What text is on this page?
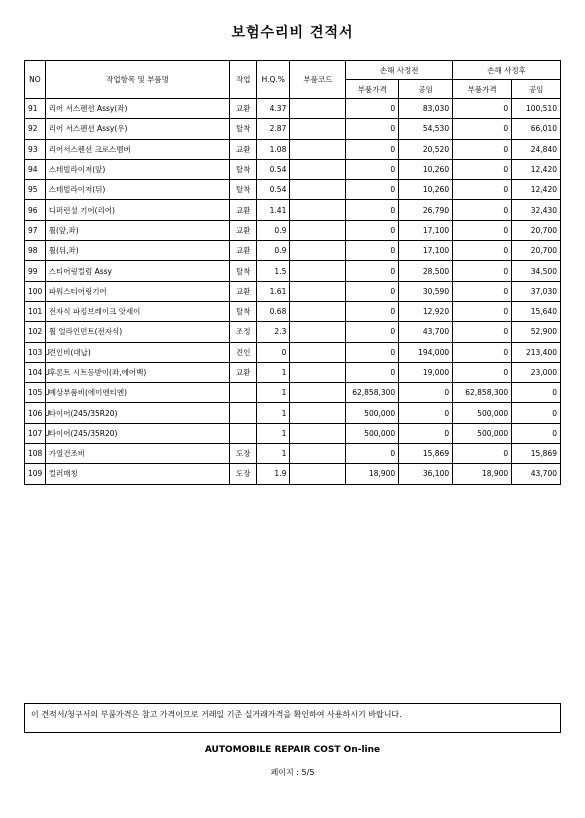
보험수리비 견적서
NO	작업항목 및 부품명	작업	H.Q.%	부품코드	손해 사정전		손해 사정후	
					부품가격	공임	부품가격	공임
91	리어 서스펜션 Assy(좌)	교환	4.37		0	83,030	0	100,510
92	리어 서스펜션 Assy(우)	탈착	2.87		0	54,530	0	66,010
93	리어서스펜션 크로스멤버	교환	1.08		0	20,520	0	24,840
94	스테빌라이저(앞)	탈착	0.54		0	10,260	0	12,420
95	스테빌라이저(뒤)	탈착	0.54		0	10,260	0	12,420
96	디퍼런셜 기어(리어)	교환	1.41		0	26,790	0	32,430
97	휠(앞,좌)	교환	0.9		0	17,100	0	20,700
98	휠(뒤,좌)	교환	0.9		0	17,100	0	20,700
99	스티어링컬럼 Assy	탈착	1.5		0	28,500	0	34,500
100	파워스티어링기어	교환	1.61		0	30,590	0	37,030
101	전자식 파킹브레이크 앗세이	탈착	0.68		0	12,920	0	15,640
102	휠 얼라인먼트(전자식)	조정	2.3		0	43,700	0	52,900
103 U	견인비(대납)	견인	0		0	194,000	0	213,400
104 U	후론트 시트등받이(좌,에어백)	교환	1		0	19,000	0	23,000
105 U	예상부품비(에이엔티엔)		1		62,858,300	0	62,858,300	0
106 U	타이어(245/35R20)		1		500,000	0	500,000	0
107 U	타이어(245/35R20)		1		500,000	0	500,000	0
108	가열건조비	도장	1		0	15,869	0	15,869
109	컬러매칭	도장	1.9		18,900	36,100	18,900	43,700
이 견적서/청구서의 부품가격은 참고 가격이므로 거래일 기준 실거래가격을 확인하여 사용하시기 바랍니다.
AUTOMOBILE REPAIR COST On-line
페이지 : 5/5
